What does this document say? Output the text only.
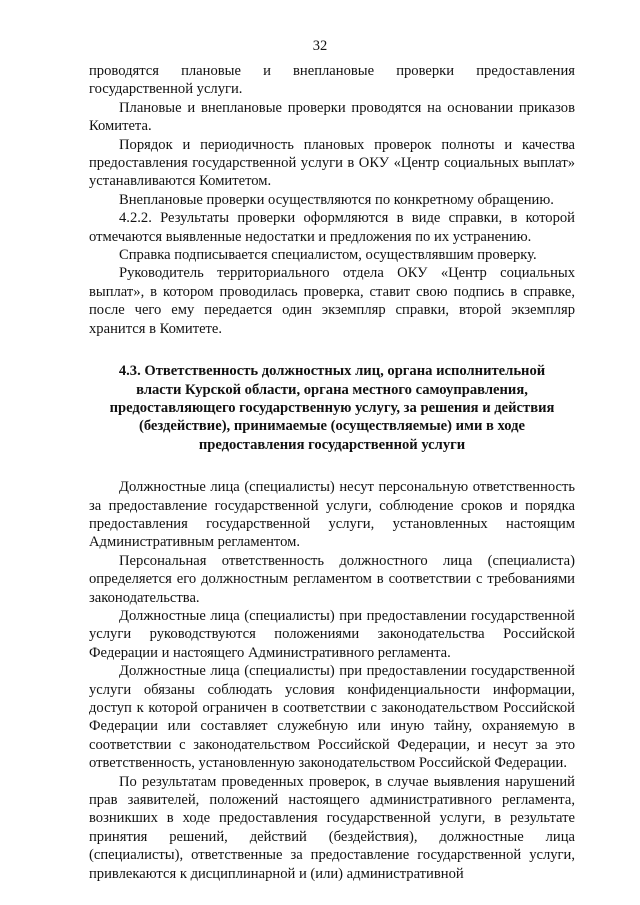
32

проводятся плановые и внеплановые проверки предоставления государственной услуги.

Плановые и внеплановые проверки проводятся на основании приказов Комитета.

Порядок и периодичность плановых проверок полноты и качества предоставления государственной услуги в ОКУ «Центр социальных выплат» устанавливаются Комитетом.

Внеплановые проверки осуществляются по конкретному обращению.

4.2.2. Результаты проверки оформляются в виде справки, в которой отмечаются выявленные недостатки и предложения по их устранению.

Справка подписывается специалистом, осуществлявшим проверку.

Руководитель территориального отдела ОКУ «Центр социальных выплат», в котором проводилась проверка, ставит свою подпись в справке, после чего ему передается один экземпляр справки, второй экземпляр хранится в Комитете.

4.3. Ответственность должностных лиц, органа исполнительной
власти Курской области, органа местного самоуправления,
предоставляющего государственную услугу, за решения и действия
(бездействие), принимаемые (осуществляемые) ими в ходе
предоставления государственной услуги

Должностные лица (специалисты) несут персональную ответственность за предоставление государственной услуги, соблюдение сроков и порядка предоставления государственной услуги, установленных настоящим Административным регламентом.

Персональная ответственность должностного лица (специалиста) определяется его должностным регламентом в соответствии с требованиями законодательства.

Должностные лица (специалисты) при предоставлении государственной услуги руководствуются положениями законодательства Российской Федерации и настоящего Административного регламента.

Должностные лица (специалисты) при предоставлении государственной услуги обязаны соблюдать условия конфиденциальности информации, доступ к которой ограничен в соответствии с законодательством Российской Федерации или составляет служебную или иную тайну, охраняемую в соответствии с законодательством Российской Федерации, и несут за это ответственность, установленную законодательством Российской Федерации.

По результатам проведенных проверок, в случае выявления нарушений прав заявителей, положений настоящего административного регламента, возникших в ходе предоставления государственной услуги, в результате принятия решений, действий (бездействия), должностные лица (специалисты), ответственные за предоставление государственной услуги, привлекаются к дисциплинарной и (или) административной
